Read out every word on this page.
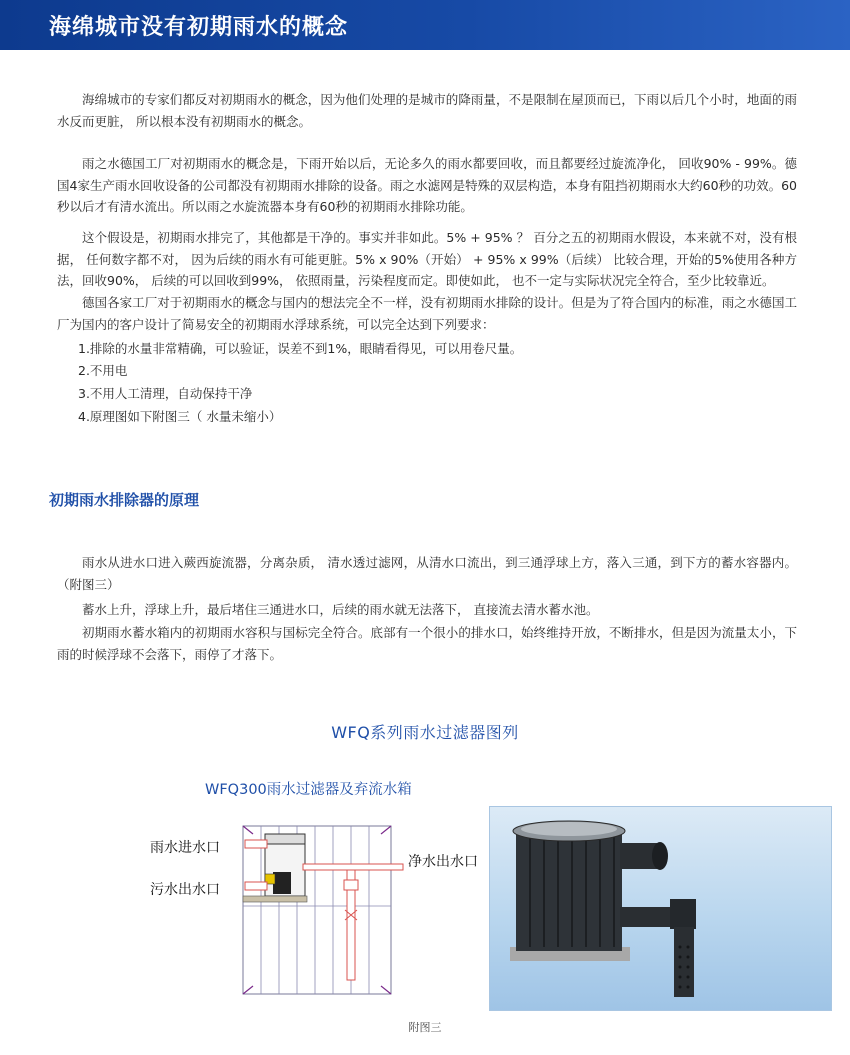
海绵城市没有初期雨水的概念

海绵城市的专家们都反对初期雨水的概念，因为他们处理的是城市的降雨量，不是限制在屋顶而已，下雨以后几个小时，地面的雨水反而更脏， 所以根本没有初期雨水的概念。

雨之水德国工厂对初期雨水的概念是，下雨开始以后，无论多久的雨水都要回收，而且都要经过旋流净化， 回收90% - 99%。德国4家生产雨水回收设备的公司都没有初期雨水排除的设备。雨之水滤网是特殊的双层构造，本身有阻挡初期雨水大约60秒的功效。60秒以后才有清水流出。所以雨之水旋流器本身有60秒的初期雨水排除功能。

这个假设是，初期雨水排完了，其他都是干净的。事实并非如此。5% + 95% ？ 百分之五的初期雨水假设，本来就不对，没有根据， 任何数字都不对， 因为后续的雨水有可能更脏。5% x 90%（开始） + 95% x 99%（后续） 比较合理，开始的5%使用各种方法，回收90%， 后续的可以回收到99%， 依照雨量，污染程度而定。即使如此， 也不一定与实际状况完全符合，至少比较靠近。

德国各家工厂对于初期雨水的概念与国内的想法完全不一样，没有初期雨水排除的设计。但是为了符合国内的标准，雨之水德国工厂为国内的客户设计了简易安全的初期雨水浮球系统，可以完全达到下列要求：

1.排除的水量非常精确，可以验证，误差不到1%，眼睛看得见，可以用卷尺量。

2.不用电

3.不用人工清理，自动保持干净

4.原理图如下附图三（ 水量未缩小）

初期雨水排除器的原理

雨水从进水口进入蕨西旋流器，分离杂质， 清水透过滤网，从清水口流出，到三通浮球上方，落入三通，到下方的蓄水容器内。（附图三）

蓄水上升，浮球上升，最后堵住三通进水口，后续的雨水就无法落下， 直接流去清水蓄水池。

初期雨水蓄水箱内的初期雨水容积与国标完全符合。底部有一个很小的排水口，始终维持开放，不断排水，但是因为流量太小，下雨的时候浮球不会落下，雨停了才落下。

WFQ系列雨水过滤器图列
WFQ300雨水过滤器及弃流水箱
雨水进水口
污水出水口
净水出水口
附图三
